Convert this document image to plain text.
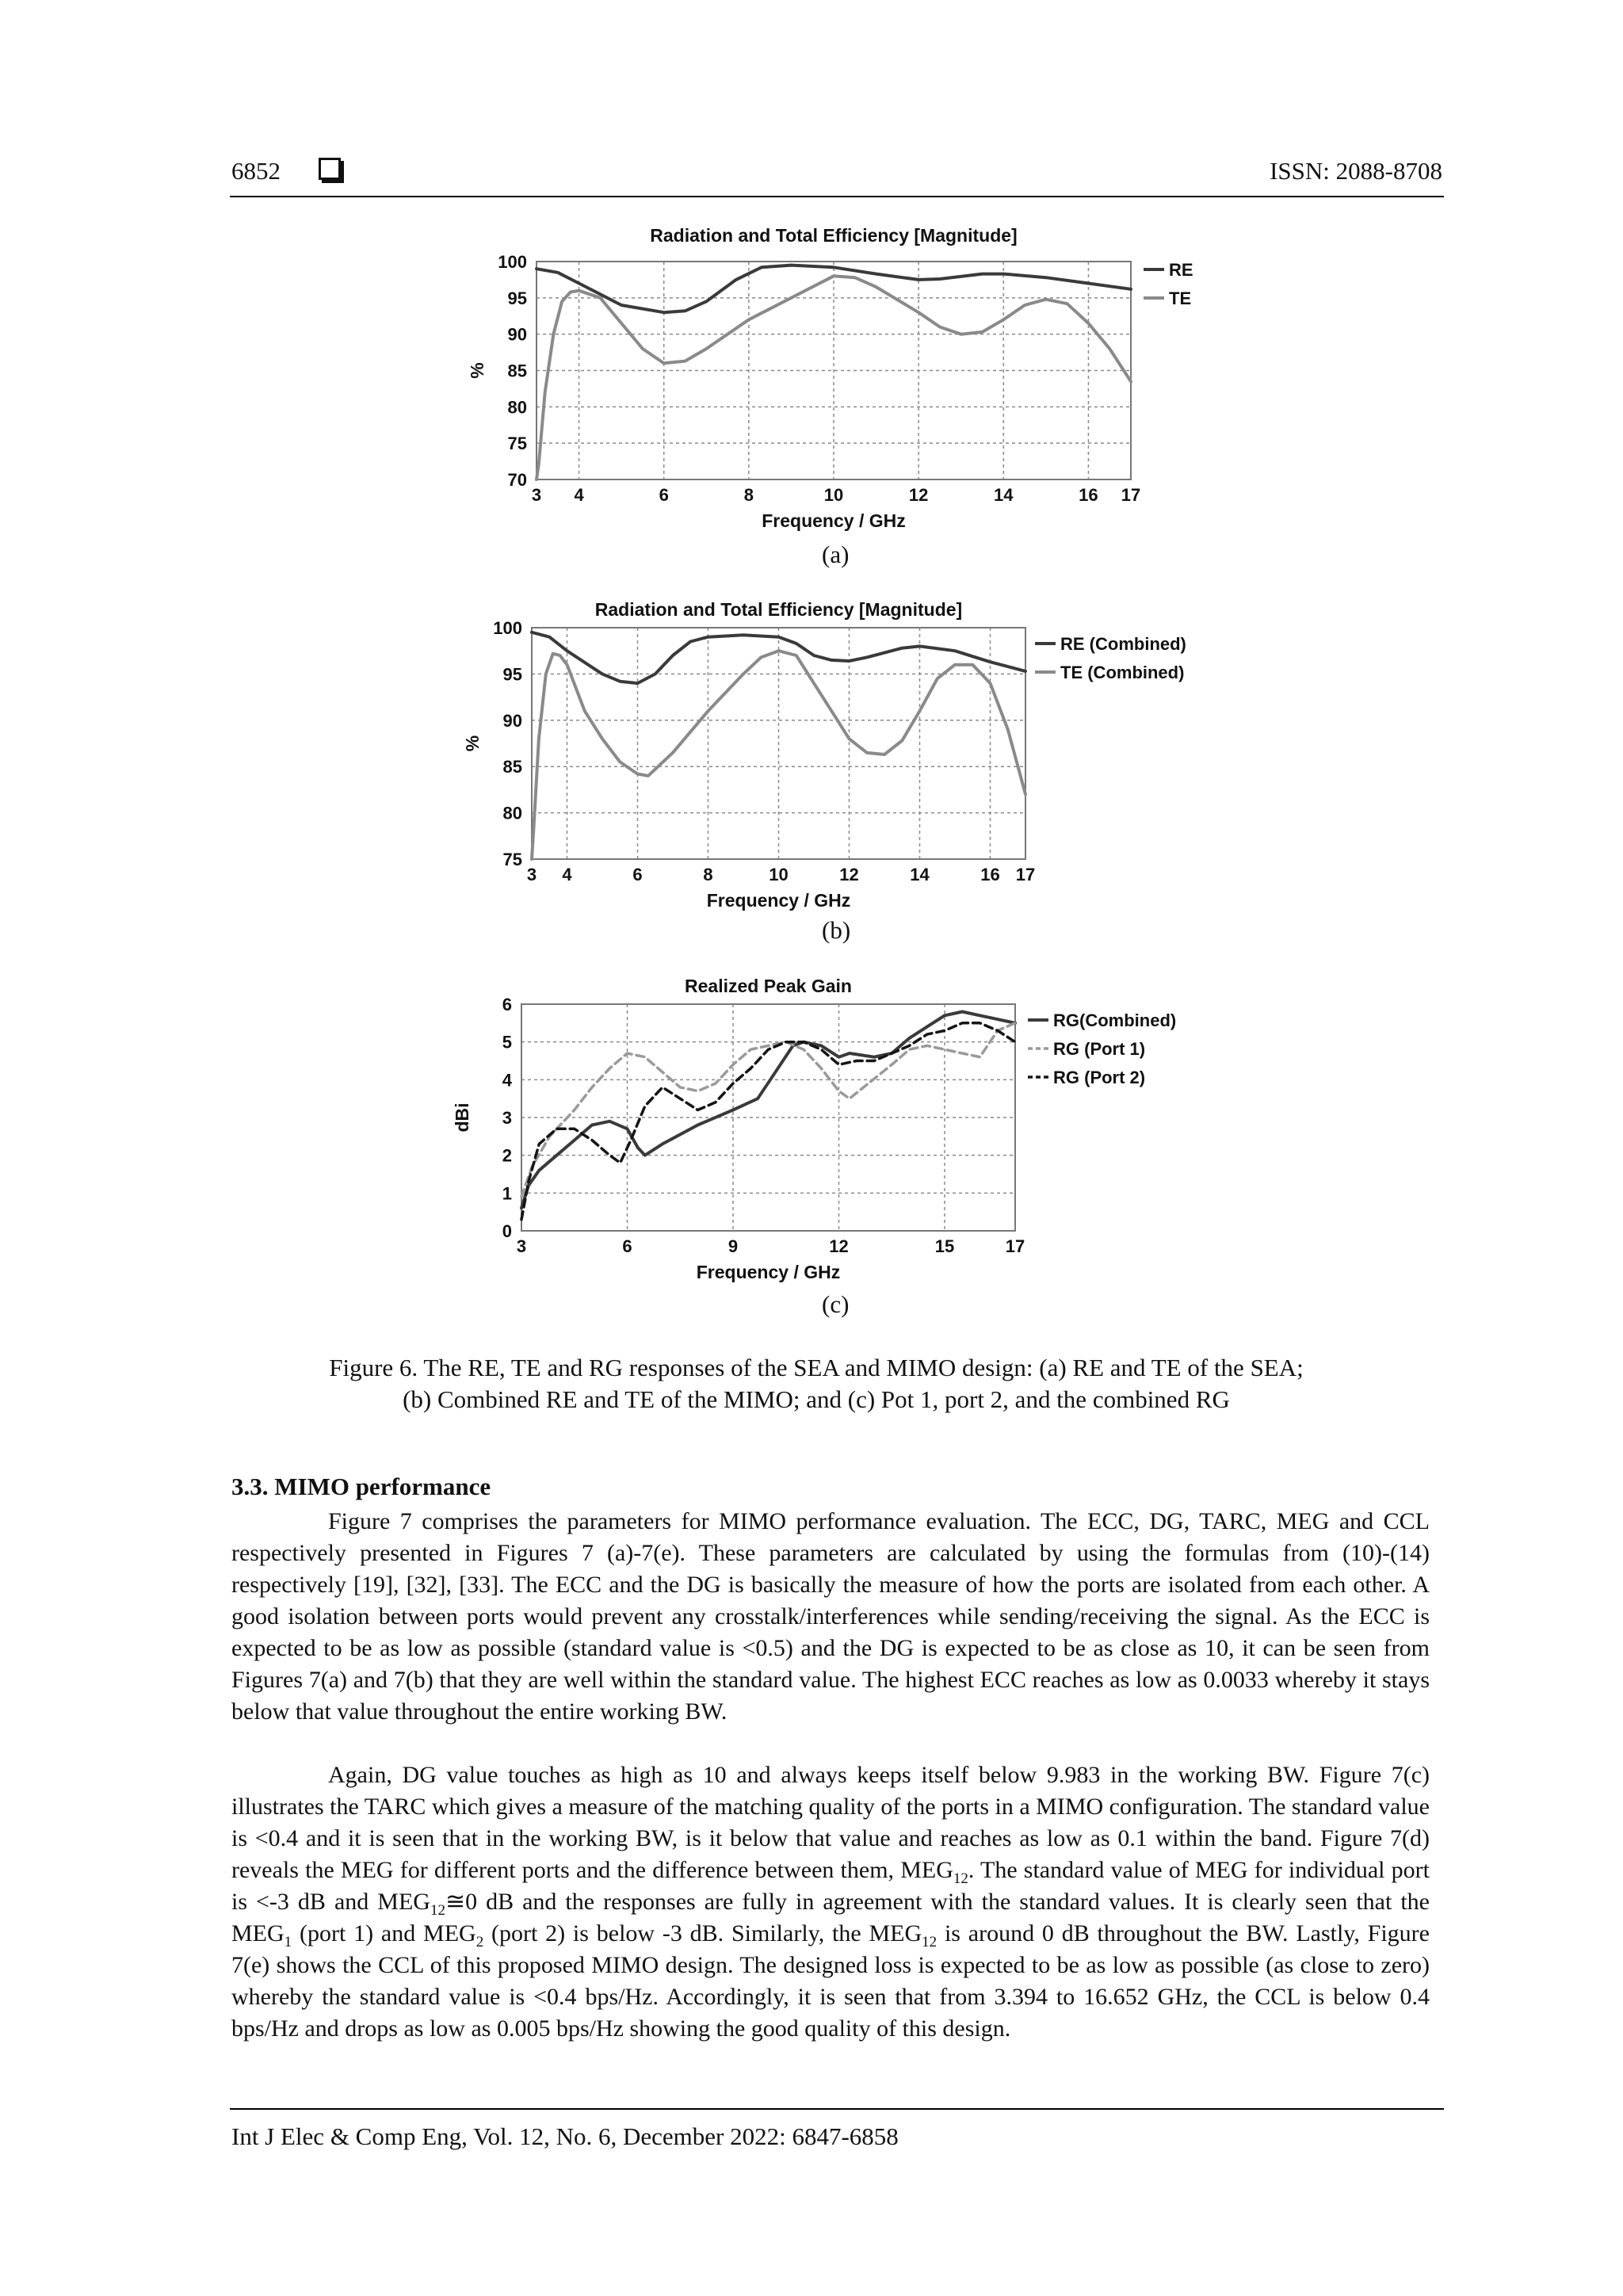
6852	ISSN: 2088-8708
3 4	6	8	10	12	14	16 17
70
75
80
85
90
95
100
Radiation and Total Efficiency [Magnitude]
Frequency / GHz
%
RE
TE
3 4	6	8	10	12	14	16 17
75
80
85
90
95
100
Radiation and Total Efficiency [Magnitude]
Frequency / GHz
%
RE (Combined)
TE (Combined)
3	6	9	12	15	17
0
1
2
3
4
5
6
Realized Peak Gain
Frequency / GHz
dBi
RG(Combined)
RG (Port 1)
RG (Port 2)
(a)
(b)
(c)
Figure 6. The RE, TE and RG responses of the SEA and MIMO design: (a) RE and TE of the SEA;
(b) Combined RE and TE of the MIMO; and (c) Pot 1, port 2, and the combined RG
3.3. MIMO performance

Figure 7 comprises the parameters for MIMO performance evaluation. The ECC, DG, TARC, MEG and CCL respectively presented in Figures 7 (a)-7(e). These parameters are calculated by using the formulas from (10)-(14) respectively [19], [32], [33]. The ECC and the DG is basically the measure of how the ports are isolated from each other. A good isolation between ports would prevent any crosstalk/interferences while sending/receiving the signal. As the ECC is expected to be as low as possible (standard value is <0.5) and the DG is expected to be as close as 10, it can be seen from Figures 7(a) and 7(b) that they are well within the standard value. The highest ECC reaches as low as 0.0033 whereby it stays below that value throughout the entire working BW.

Again, DG value touches as high as 10 and always keeps itself below 9.983 in the working BW. Figure 7(c) illustrates the TARC which gives a measure of the matching quality of the ports in a MIMO configuration. The standard value is <0.4 and it is seen that in the working BW, is it below that value and reaches as low as 0.1 within the band. Figure 7(d) reveals the MEG for different ports and the difference between them, $MEG_{12}$. The standard value of MEG for individual port is <-3 dB and $MEG_{12}≅0$ dB and the responses are fully in agreement with the standard values. It is clearly seen that the $MEG_1$ (port 1) and $MEG_2$ (port 2) is below -3 dB. Similarly, the $MEG_{12}$ is around 0 dB throughout the BW. Lastly, Figure 7(e) shows the CCL of this proposed MIMO design. The designed loss is expected to be as low as possible (as close to zero) whereby the standard value is <0.4 bps/Hz. Accordingly, it is seen that from 3.394 to 16.652 GHz, the CCL is below 0.4 bps/Hz and drops as low as 0.005 bps/Hz showing the good quality of this design.

Int J Elec & Comp Eng, Vol. 12, No. 6, December 2022: 6847-6858
